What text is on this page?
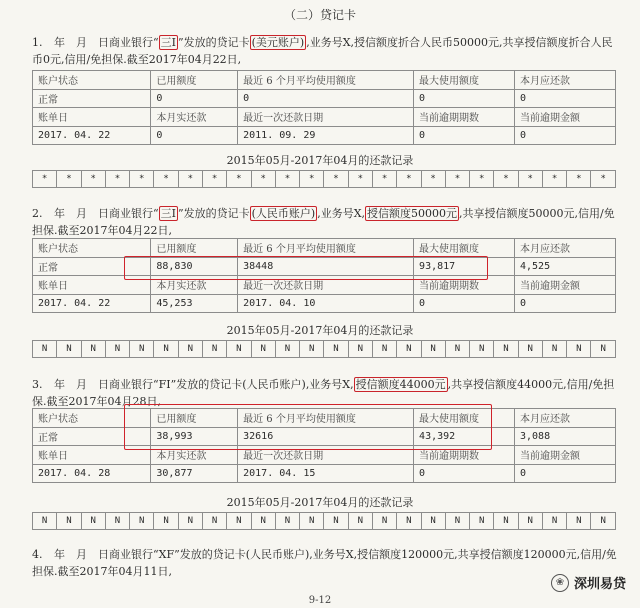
（二）贷记卡
1. 年　月　日商业银行“ 三I ”发放的贷记卡 (美元账户) ,业务号X,授信额度折合人民币50000元,共享授信额度折合人民币0元,信用/免担保.截至2017年04月22日,
账户状态	已用额度	最近 6 个月平均使用额度	最大使用额度	本月应还款
正常	0	0	0	0
账单日	本月实还款	最近一次还款日期	当前逾期期数	当前逾期金额
2017. 04. 22	0	2011. 09. 29	0	0
2015年05月-2017年04月的还款记录
*	*	*	*	*	*	*	*	*	*	*	*	*	*	*	*	*	*	*	*	*	*	*	*
2. 年　月　日商业银行“ 三I ”发放的贷记卡 (人民币账户) ,业务号X, 授信额度50000元 ,共享授信额度50000元,信用/免担保.截至2017年04月22日,
账户状态	已用额度	最近 6 个月平均使用额度	最大使用额度	本月应还款
正常	88,830	38448	93,817	4,525
账单日	本月实还款	最近一次还款日期	当前逾期期数	当前逾期金额
2017. 04. 22	45,253	2017. 04. 10	0	0
2015年05月-2017年04月的还款记录
N	N	N	N	N	N	N	N	N	N	N	N	N	N	N	N	N	N	N	N	N	N	N	N
3. 年　月　日商业银行“FI”发放的贷记卡(人民币账户),业务号X, 授信额度44000元 ,共享授信额度44000元,信用/免担保.截至2017年04月28日,
账户状态	已用额度	最近 6 个月平均使用额度	最大使用额度	本月应还款
正常	38,993	32616	43,392	3,088
账单日	本月实还款	最近一次还款日期	当前逾期期数	当前逾期金额
2017. 04. 28	30,877	2017. 04. 15	0	0
2015年05月-2017年04月的还款记录
N	N	N	N	N	N	N	N	N	N	N	N	N	N	N	N	N	N	N	N	N	N	N	N
4. 年　月　日商业银行“XF”发放的贷记卡(人民币账户),业务号X,授信额度120000元,共享授信额度120000元,信用/免担保.截至2017年04月11日,
❀ 深圳易贷
9-12
